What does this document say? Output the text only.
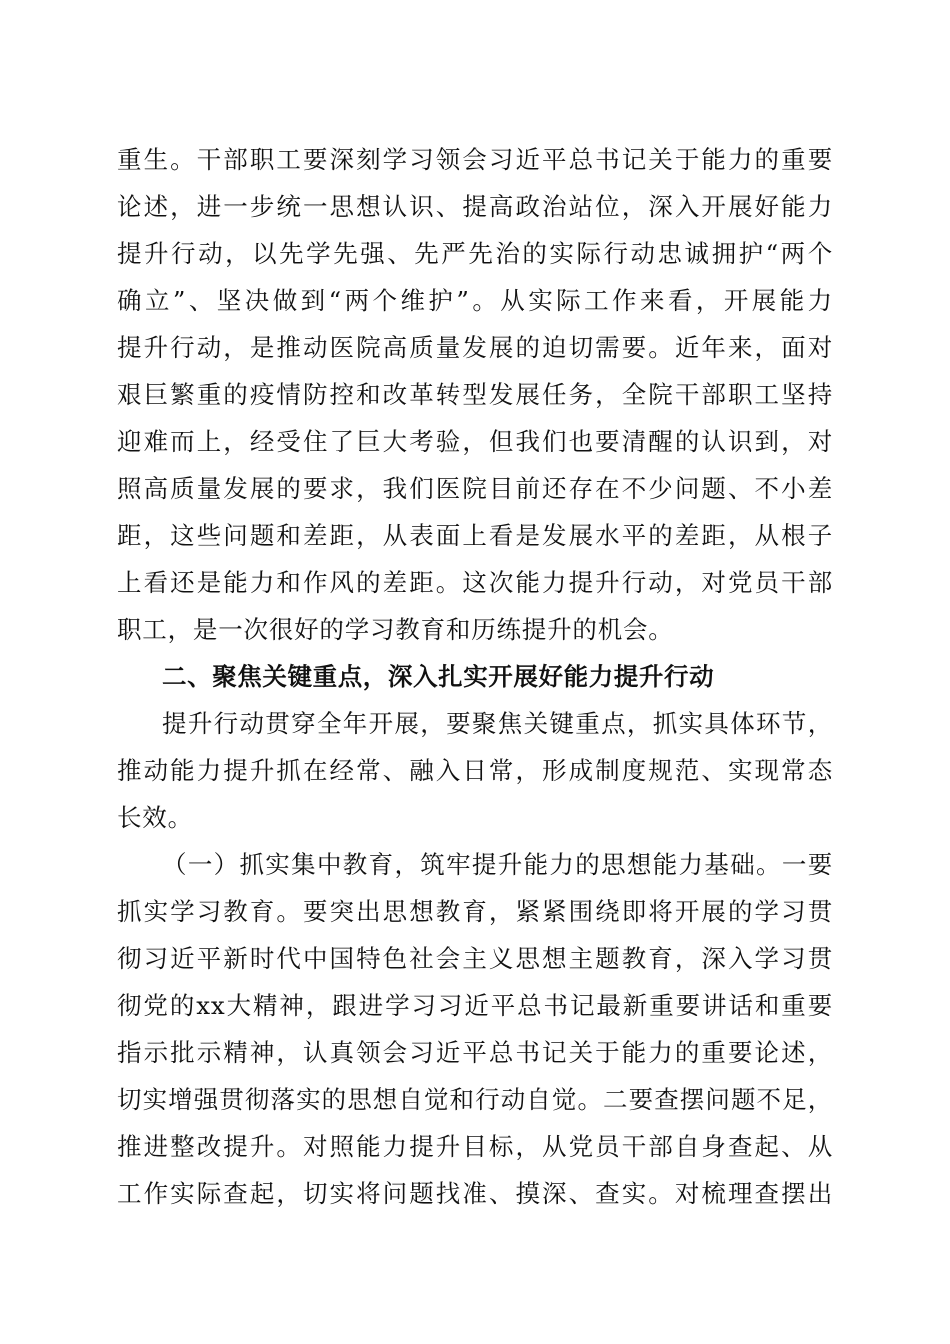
重生。干部职工要深刻学习领会习近平总书记关于能力的重要
论述，进一步统一思想认识、提高政治站位，深入开展好能力
提升行动，以先学先强、先严先治的实际行动忠诚拥护“两个
确立”、坚决做到“两个维护”。从实际工作来看，开展能力
提升行动，是推动医院高质量发展的迫切需要。近年来，面对
艰巨繁重的疫情防控和改革转型发展任务，全院干部职工坚持
迎难而上，经受住了巨大考验，但我们也要清醒的认识到，对
照高质量发展的要求，我们医院目前还存在不少问题、不小差
距，这些问题和差距，从表面上看是发展水平的差距，从根子
上看还是能力和作风的差距。这次能力提升行动，对党员干部
职工，是一次很好的学习教育和历练提升的机会。
二、聚焦关键重点，深入扎实开展好能力提升行动
提升行动贯穿全年开展，要聚焦关键重点，抓实具体环节，
推动能力提升抓在经常、融入日常，形成制度规范、实现常态
长效。
（一）抓实集中教育，筑牢提升能力的思想能力基础。一要
抓实学习教育。要突出思想教育，紧紧围绕即将开展的学习贯
彻习近平新时代中国特色社会主义思想主题教育，深入学习贯
彻党的xx大精神，跟进学习习近平总书记最新重要讲话和重要
指示批示精神，认真领会习近平总书记关于能力的重要论述，
切实增强贯彻落实的思想自觉和行动自觉。二要查摆问题不足，
推进整改提升。对照能力提升目标，从党员干部自身查起、从
工作实际查起，切实将问题找准、摸深、查实。对梳理查摆出
